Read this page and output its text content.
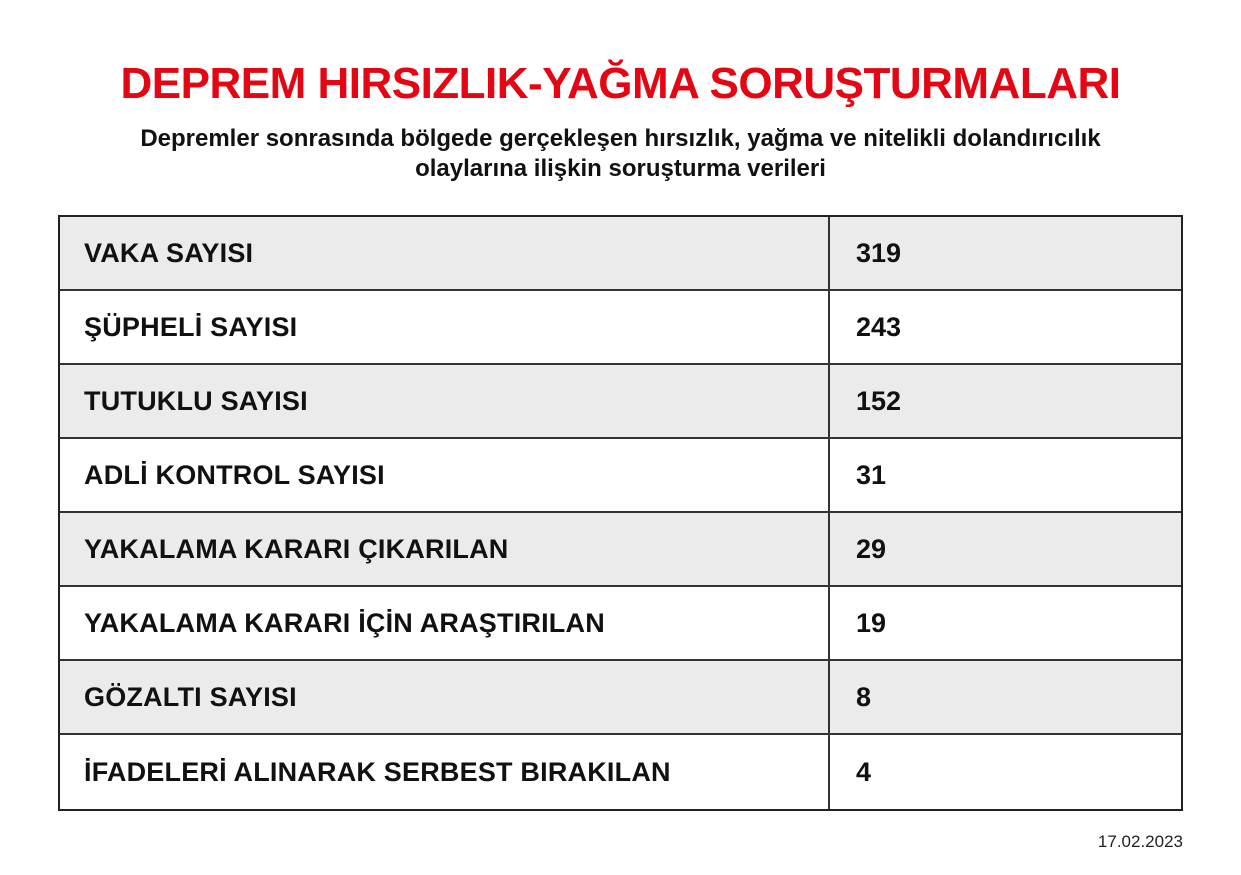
DEPREM HIRSIZLIK-YAĞMA SORUŞTURMALARI
Depremler sonrasında bölgede gerçekleşen hırsızlık, yağma ve nitelikli dolandırıcılık
olaylarına ilişkin soruşturma verileri
VAKA SAYISI	319
ŞÜPHELİ SAYISI	243
TUTUKLU SAYISI	152
ADLİ KONTROL SAYISI	31
YAKALAMA KARARI ÇIKARILAN	29
YAKALAMA KARARI İÇİN ARAŞTIRILAN	19
GÖZALTI SAYISI	8
İFADELERİ ALINARAK SERBEST BIRAKILAN	4
17.02.2023
